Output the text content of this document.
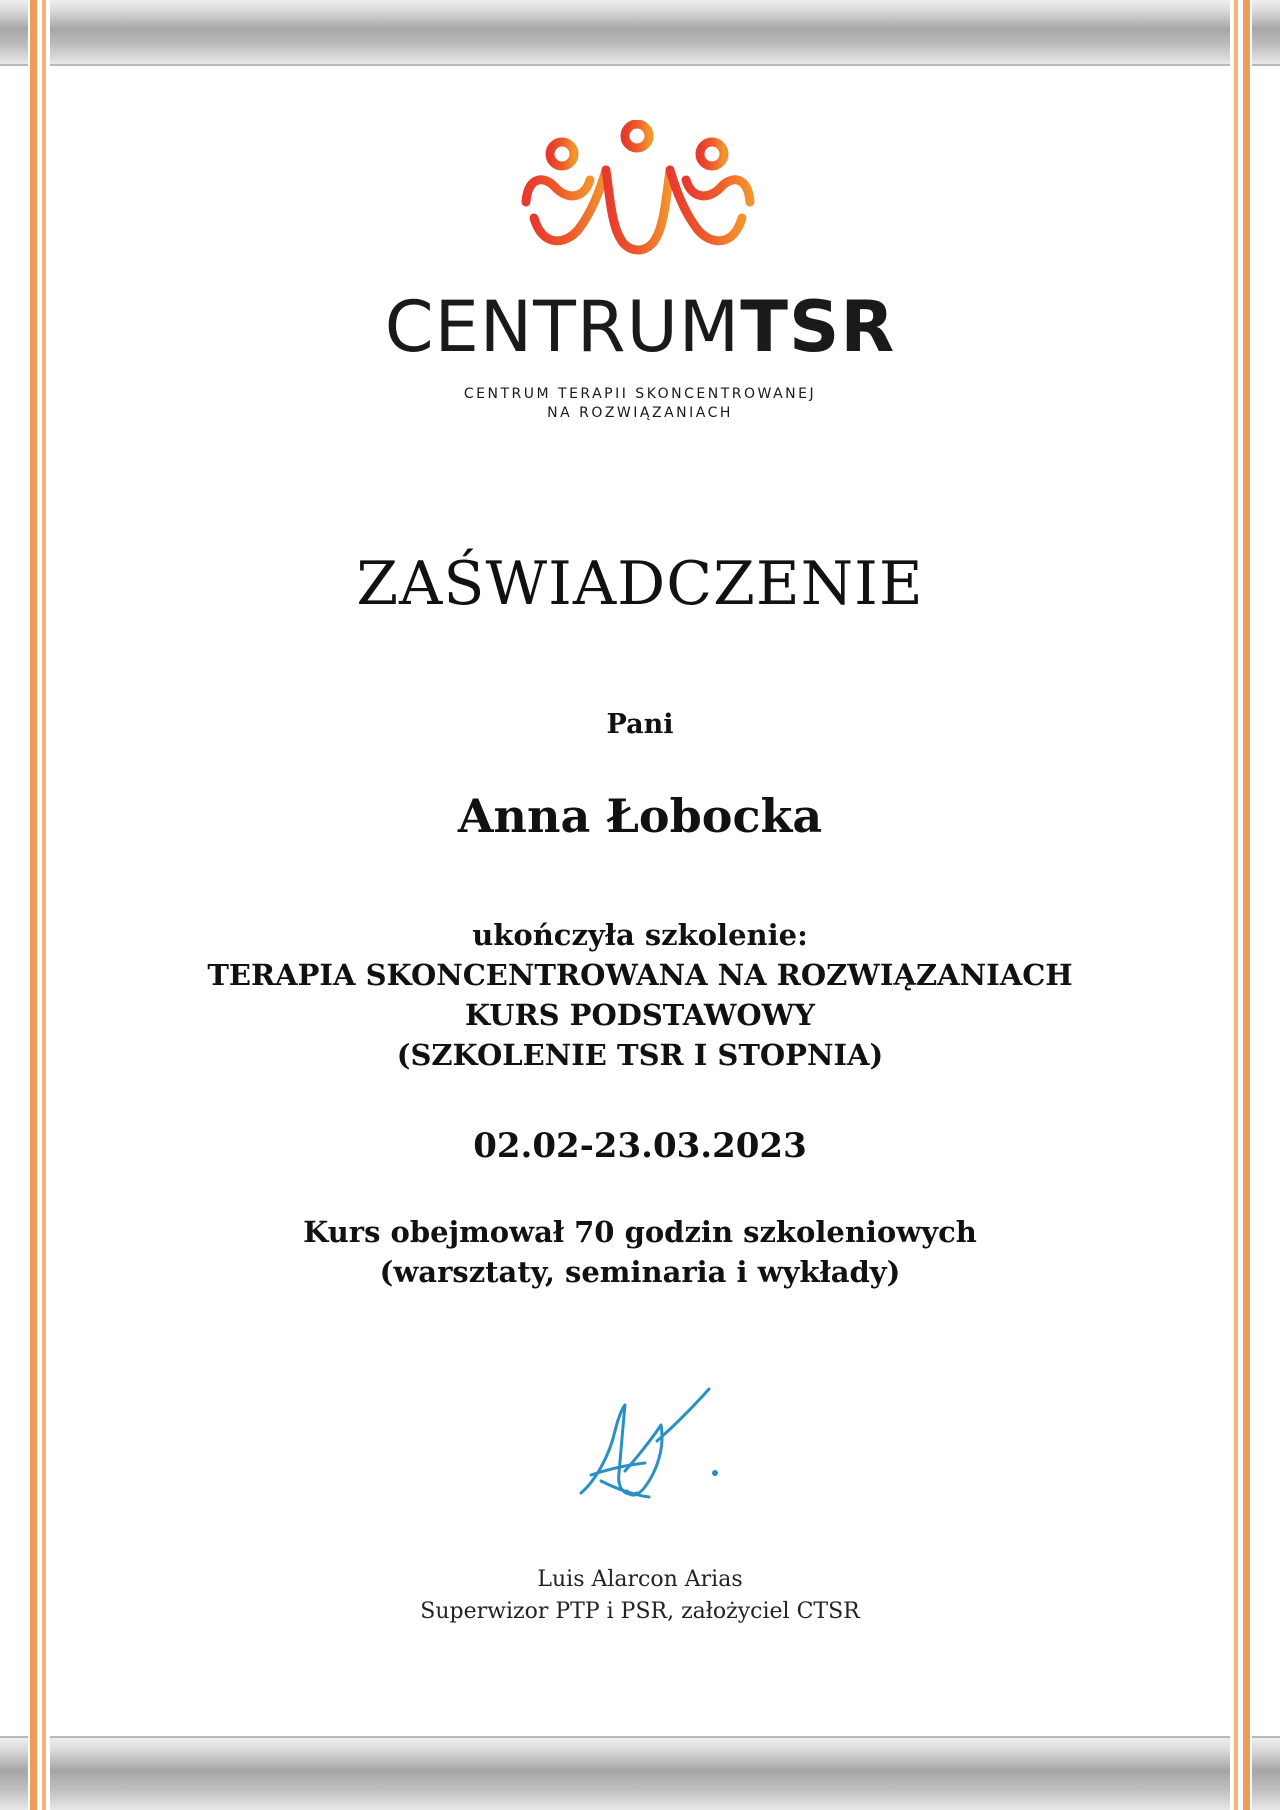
CENTRUMTSR
CENTRUM TERAPII SKONCENTROWANEJ
NA ROZWIĄZANIACH
ZAŚWIADCZENIE

Pani

Anna Łobocka

ukończyła szkolenie:

TERAPIA SKONCENTROWANA NA ROZWIĄZANIACH
KURS PODSTAWOWY
(SZKOLENIE TSR I STOPNIA)

02.02-23.03.2023

Kurs obejmował 70 godzin szkoleniowych
(warsztaty, seminaria i wykłady)
Luis Alarcon Arias
Superwizor PTP i PSR, założyciel CTSR
